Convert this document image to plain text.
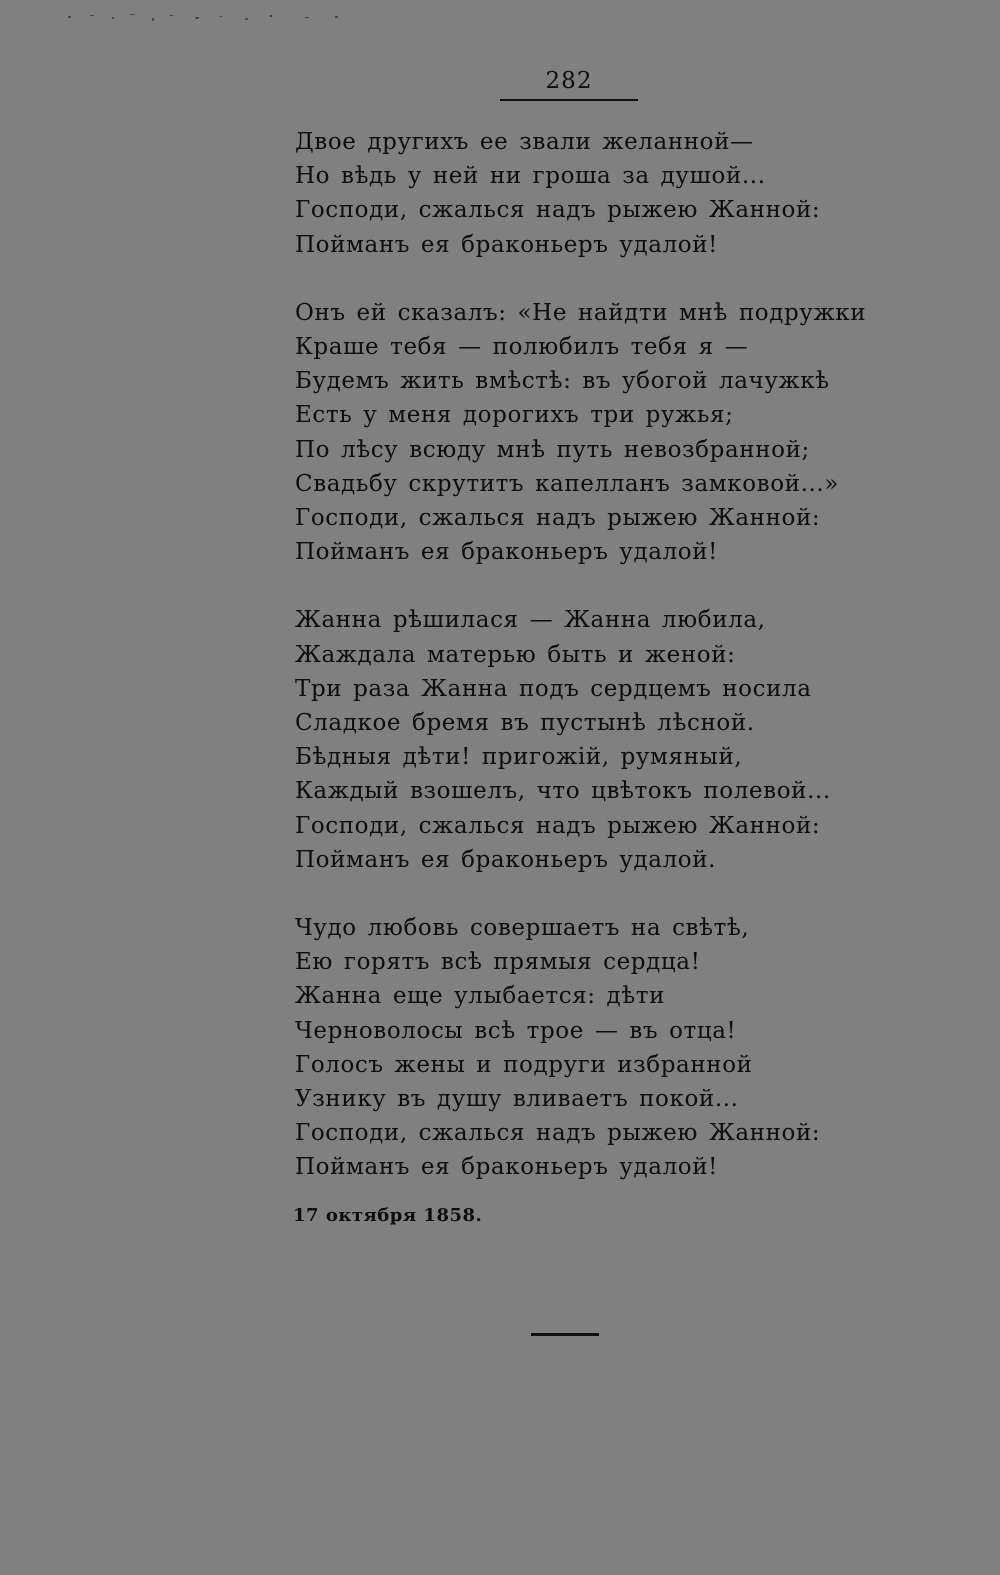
282
Двое другихъ ее звали желанной—
Но вѣдь у ней ни гроша за душой...
Господи, сжалься надъ рыжею Жанной:
Пойманъ ея браконьеръ удалой!
Онъ ей сказалъ: «Не найдти мнѣ подружки
Краше тебя — полюбилъ тебя я —
Будемъ жить вмѣстѣ: въ убогой лачужкѣ
Есть у меня дорогихъ три ружья;
По лѣсу всюду мнѣ путь невозбранной;
Свадьбу скрутитъ капелланъ замковой...»
Господи, сжалься надъ рыжею Жанной:
Пойманъ ея браконьеръ удалой!
Жанна рѣшилася — Жанна любила,
Жаждала матерью быть и женой:
Три раза Жанна подъ сердцемъ носила
Сладкое бремя въ пустынѣ лѣсной.
Бѣдныя дѣти! пригожій, румяный,
Каждый взошелъ, что цвѣтокъ полевой...
Господи, сжалься надъ рыжею Жанной:
Пойманъ ея браконьеръ удалой.
Чудо любовь совершаетъ на свѣтѣ,
Ею горятъ всѣ прямыя сердца!
Жанна еще улыбается: дѣти
Черноволосы всѣ трое — въ отца!
Голосъ жены и подруги избранной
Узнику въ душу вливаетъ покой...
Господи, сжалься надъ рыжею Жанной:
Пойманъ ея браконьеръ удалой!
17 октября 1858.
